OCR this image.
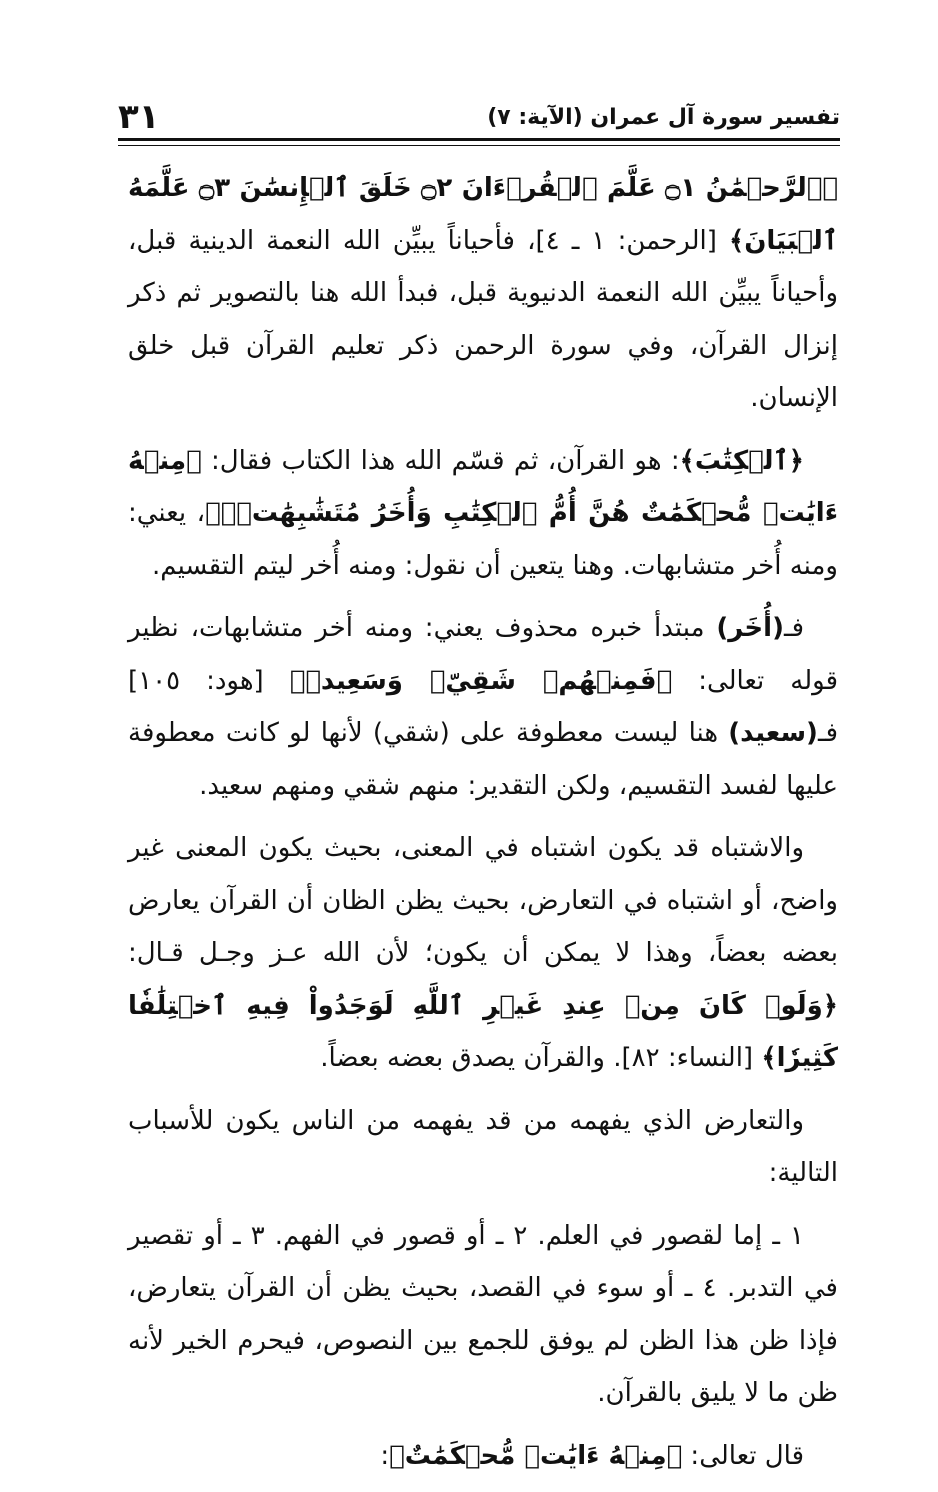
تفسير سورة آل عمران (الآية: ٧)
٣١

﴿ٱلرَّحۡمَٰنُ ۝١ عَلَّمَ ٱلۡقُرۡءَانَ ۝٢ خَلَقَ ٱلۡإِنسَٰنَ ۝٣ عَلَّمَهُ ٱلۡبَيَانَ﴾ [الرحمن: ١ ـ ٤]، فأحياناً يبيِّن الله النعمة الدينية قبل، وأحياناً يبيِّن الله النعمة الدنيوية قبل، فبدأ الله هنا بالتصوير ثم ذكر إنزال القرآن، وفي سورة الرحمن ذكر تعليم القرآن قبل خلق الإنسان.

﴿ٱلۡكِتَٰبَ﴾: هو القرآن، ثم قسّم الله هذا الكتاب فقال: ﴿مِنۡهُ ءَايَٰتٞ مُّحۡكَمَٰتٌ هُنَّ أُمُّ ٱلۡكِتَٰبِ وَأُخَرُ مُتَشَٰبِهَٰتٞۖ﴾، يعني: ومنه أُخر متشابهات. وهنا يتعين أن نقول: ومنه أُخر ليتم التقسيم.

فـ(أُخَر) مبتدأ خبره محذوف يعني: ومنه أخر متشابهات، نظير قوله تعالى: ﴿فَمِنۡهُمۡ شَقِيّٞ وَسَعِيدٞ﴾ [هود: ١٠٥] فـ(سعيد) هنا ليست معطوفة على (شقي) لأنها لو كانت معطوفة عليها لفسد التقسيم، ولكن التقدير: منهم شقي ومنهم سعيد.

والاشتباه قد يكون اشتباه في المعنى، بحيث يكون المعنى غير واضح، أو اشتباه في التعارض، بحيث يظن الظان أن القرآن يعارض بعضه بعضاً، وهذا لا يمكن أن يكون؛ لأن الله عـز وجـل قـال: ﴿وَلَوۡ كَانَ مِنۡ عِندِ غَيۡرِ ٱللَّهِ لَوَجَدُواْ فِيهِ ٱخۡتِلَٰفٗا كَثِيرٗا﴾ [النساء: ٨٢]. والقرآن يصدق بعضه بعضاً.

والتعارض الذي يفهمه من قد يفهمه من الناس يكون للأسباب التالية:

١ ـ إما لقصور في العلم. ٢ ـ أو قصور في الفهم. ٣ ـ أو تقصير في التدبر. ٤ ـ أو سوء في القصد، بحيث يظن أن القرآن يتعارض، فإذا ظن هذا الظن لم يوفق للجمع بين النصوص، فيحرم الخير لأنه ظن ما لا يليق بالقرآن.

قال تعالى: ﴿مِنۡهُ ءَايَٰتٞ مُّحۡكَمَٰتٌ﴾:
